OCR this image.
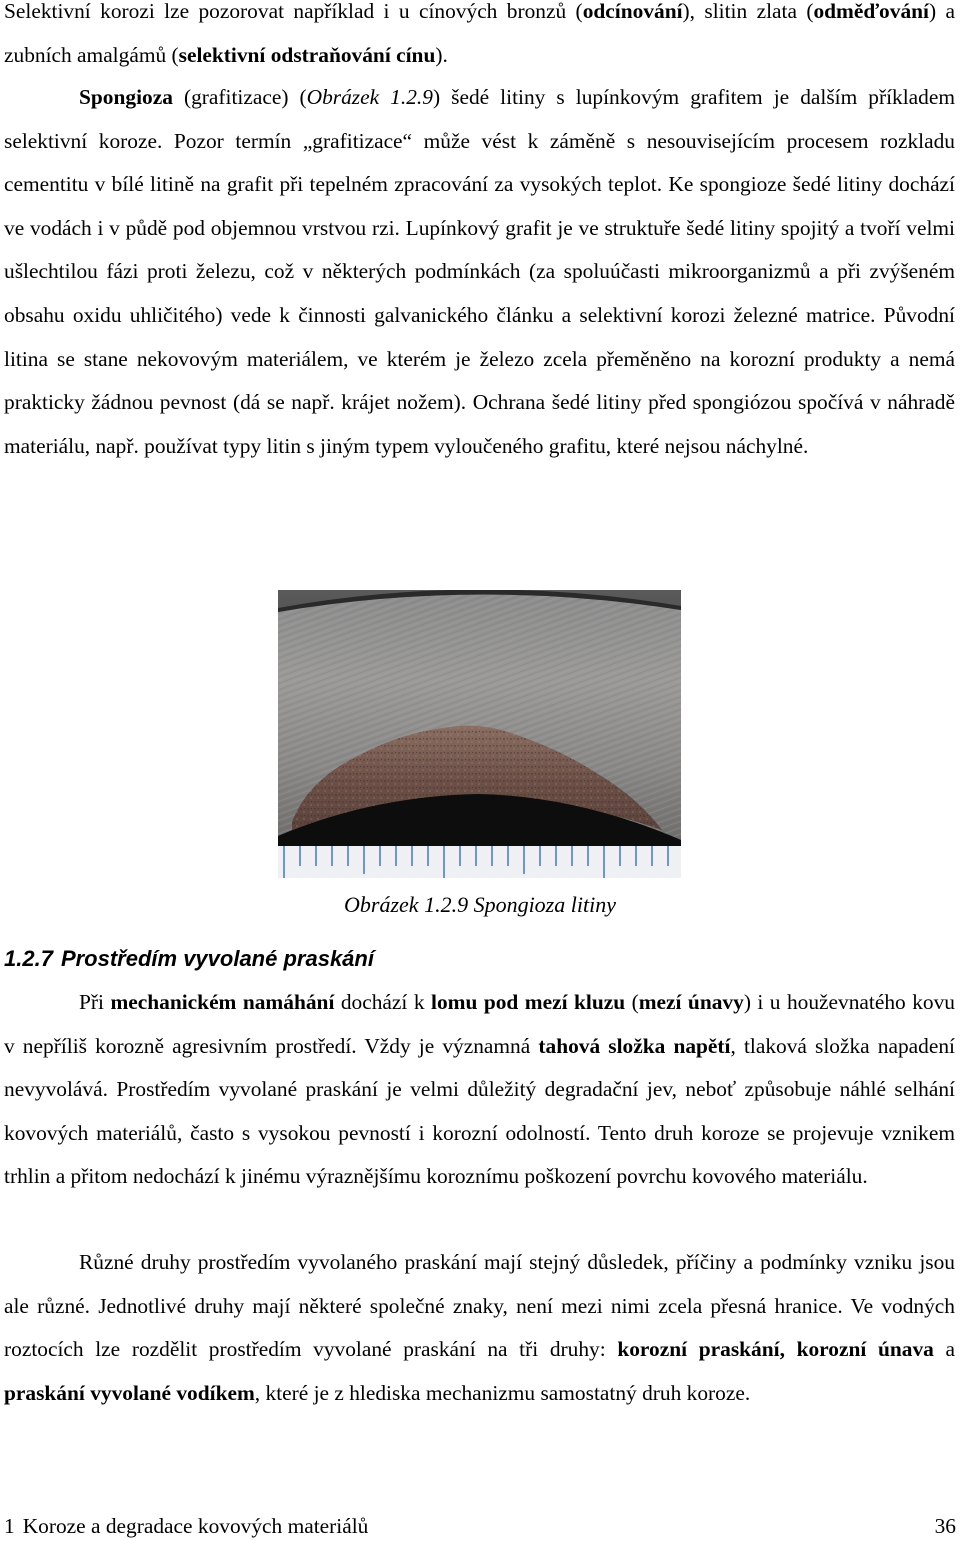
Selektivní korozi lze pozorovat například i u cínových bronzů (odcínování), slitin zlata (odměďování) a zubních amalgámů (selektivní odstraňování cínu).

Spongioza (grafitizace) (Obrázek 1.2.9) šedé litiny s lupínkovým grafitem je dalším příkladem selektivní koroze. Pozor termín „grafitizace“ může vést k záměně s nesouvisejícím procesem rozkladu cementitu v bílé litině na grafit při tepelném zpracování za vysokých teplot. Ke spongioze šedé litiny dochází ve vodách i v půdě pod objemnou vrstvou rzi. Lupínkový grafit je ve struktuře šedé litiny spojitý a tvoří velmi ušlechtilou fázi proti železu, což v některých podmínkách (za spoluúčasti mikroorganizmů a při zvýšeném obsahu oxidu uhličitého) vede k činnosti galvanického článku a selektivní korozi železné matrice. Původní litina se stane nekovovým materiálem, ve kterém je železo zcela přeměněno na korozní produkty a nemá prakticky žádnou pevnost (dá se např. krájet nožem). Ochrana šedé litiny před spongiózou spočívá v náhradě materiálu, např. používat typy litin s jiným typem vyloučeného grafitu, které nejsou náchylné.

Obrázek 1.2.9 Spongioza litiny
1.2.7 Prostředím vyvolané praskání

Při mechanickém namáhání dochází k lomu pod mezí kluzu (mezí únavy) i u houževnatého kovu v nepříliš korozně agresivním prostředí. Vždy je významná tahová složka napětí, tlaková složka napadení nevyvolává. Prostředím vyvolané praskání je velmi důležitý degradační jev, neboť způsobuje náhlé selhání kovových materiálů, často s vysokou pevností i korozní odolností. Tento druh koroze se projevuje vznikem trhlin a přitom nedochází k jinému výraznějšímu koroznímu poškození povrchu kovového materiálu.

Různé druhy prostředím vyvolaného praskání mají stejný důsledek, příčiny a podmínky vzniku jsou ale různé. Jednotlivé druhy mají některé společné znaky, není mezi nimi zcela přesná hranice. Ve vodných roztocích lze rozdělit prostředím vyvolané praskání na tři druhy: korozní praskání, korozní únava a praskání vyvolané vodíkem, které je z hlediska mechanizmu samostatný druh koroze.

1 Koroze a degradace kovových materiálů	36
